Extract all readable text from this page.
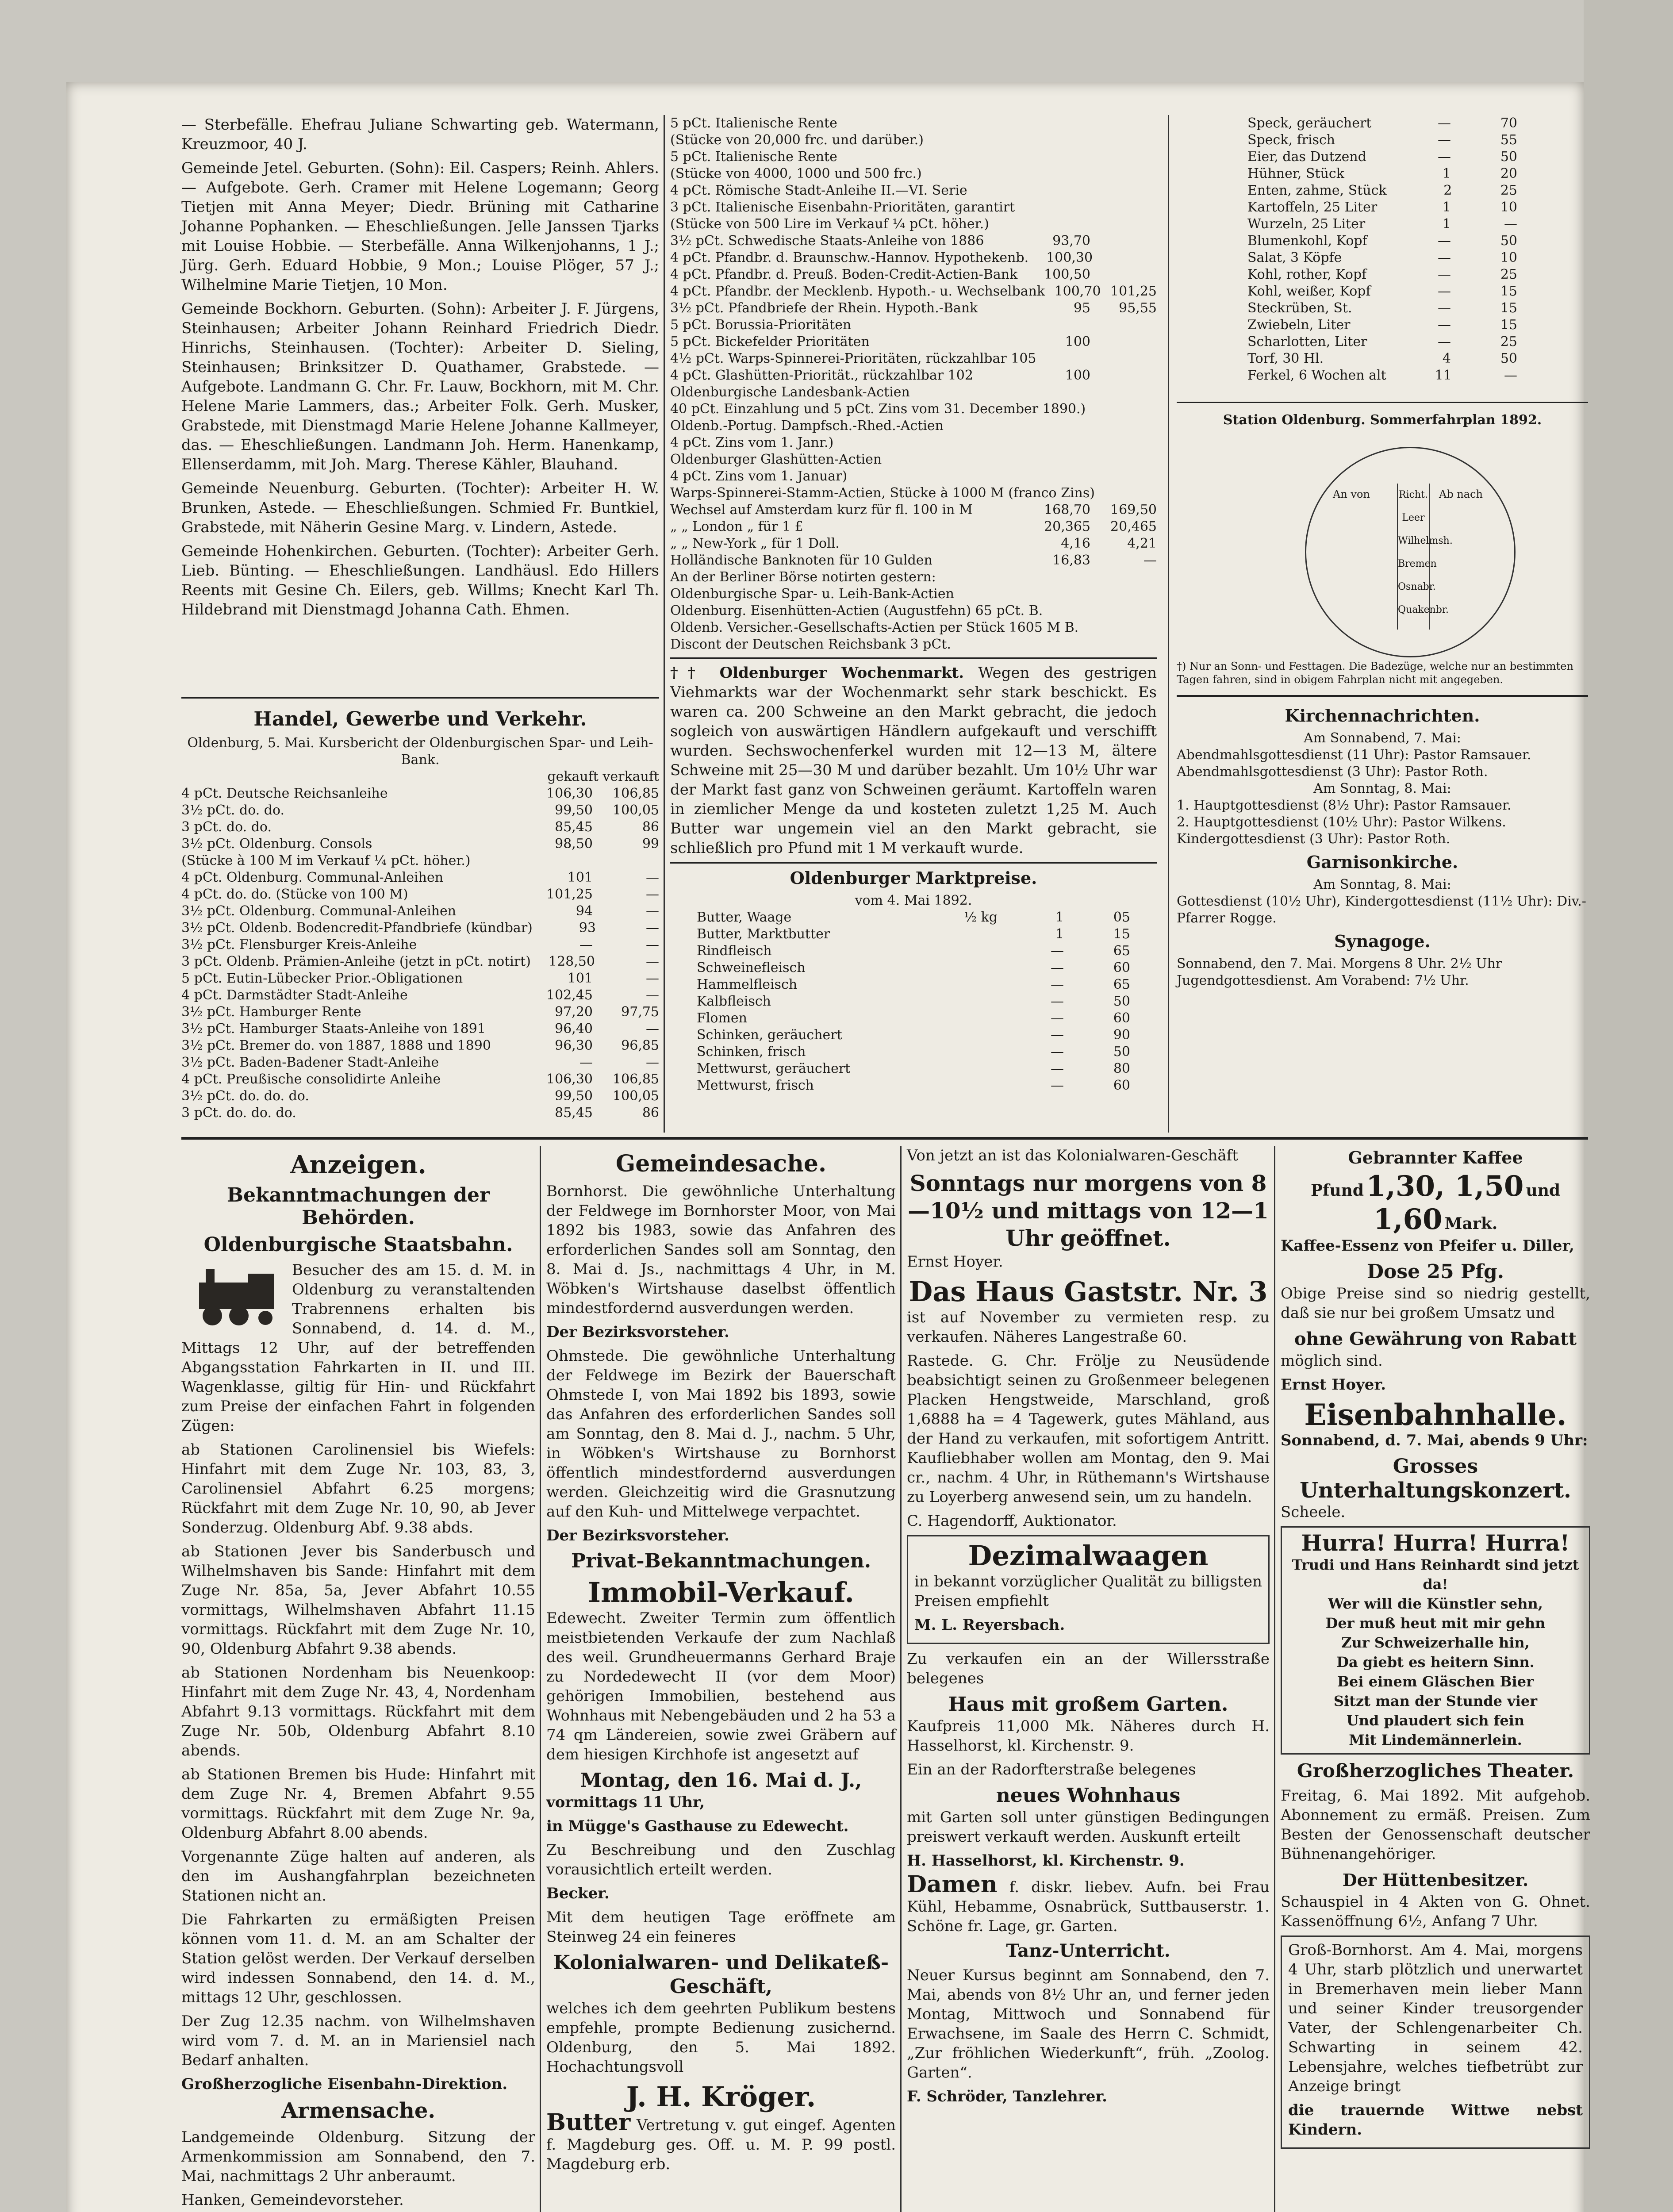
— Sterbefälle. Ehefrau Juliane Schwarting geb. Watermann, Kreuzmoor, 40 J.

Gemeinde Jetel. Geburten. (Sohn): Eil. Caspers; Reinh. Ahlers. — Aufgebote. Gerh. Cramer mit Helene Logemann; Georg Tietjen mit Anna Meyer; Diedr. Brüning mit Catharine Johanne Pophanken. — Eheschließungen. Jelle Janssen Tjarks mit Louise Hobbie. — Sterbefälle. Anna Wilkenjohanns, 1 J.; Jürg. Gerh. Eduard Hobbie, 9 Mon.; Louise Plöger, 57 J.; Wilhelmine Marie Tietjen, 10 Mon.

Gemeinde Bockhorn. Geburten. (Sohn): Arbeiter J. F. Jürgens, Steinhausen; Arbeiter Johann Reinhard Friedrich Diedr. Hinrichs, Steinhausen. (Tochter): Arbeiter D. Sieling, Steinhausen; Brinksitzer D. Quathamer, Grabstede. — Aufgebote. Landmann G. Chr. Fr. Lauw, Bockhorn, mit M. Chr. Helene Marie Lammers, das.; Arbeiter Folk. Gerh. Musker, Grabstede, mit Dienstmagd Marie Helene Johanne Kallmeyer, das. — Eheschließungen. Landmann Joh. Herm. Hanenkamp, Ellenserdamm, mit Joh. Marg. Therese Kähler, Blauhand.

Gemeinde Neuenburg. Geburten. (Tochter): Arbeiter H. W. Brunken, Astede. — Eheschließungen. Schmied Fr. Buntkiel, Grabstede, mit Näherin Gesine Marg. v. Lindern, Astede.

Gemeinde Hohenkirchen. Geburten. (Tochter): Arbeiter Gerh. Lieb. Bünting. — Eheschließungen. Landhäusl. Edo Hillers Reents mit Gesine Ch. Eilers, geb. Willms; Knecht Karl Th. Hildebrand mit Dienstmagd Johanna Cath. Ehmen.

Handel, Gewerbe und Verkehr.
Oldenburg, 5. Mai. Kursbericht der Oldenburgischen Spar- und Leih-Bank.
gekauft verkauft
4 pCt. Deutsche Reichsanleihe	106,30	106,85
3½ pCt. do. do.	99,50	100,05
3 pCt. do. do.	85,45	86
3½ pCt. Oldenburg. Consols	98,50	99
(Stücke à 100 M im Verkauf ¼ pCt. höher.)
4 pCt. Oldenburg. Communal-Anleihen	101	—
4 pCt. do. do. (Stücke von 100 M)	101,25	—
3½ pCt. Oldenburg. Communal-Anleihen	94	—
3½ pCt. Oldenb. Bodencredit-Pfandbriefe (kündbar)	93	—
3½ pCt. Flensburger Kreis-Anleihe	—	—
3 pCt. Oldenb. Prämien-Anleihe (jetzt in pCt. notirt)	128,50	—
5 pCt. Eutin-Lübecker Prior.-Obligationen	101	—
4 pCt. Darmstädter Stadt-Anleihe	102,45	—
3½ pCt. Hamburger Rente	97,20	97,75
3½ pCt. Hamburger Staats-Anleihe von 1891	96,40	—
3½ pCt. Bremer do. von 1887, 1888 und 1890	96,30	96,85
3½ pCt. Baden-Badener Stadt-Anleihe	—	—
4 pCt. Preußische consolidirte Anleihe	106,30	106,85
3½ pCt. do. do. do.	99,50	100,05
3 pCt. do. do. do.	85,45	86
5 pCt. Italienische Rente
(Stücke von 20,000 frc. und darüber.)
5 pCt. Italienische Rente
(Stücke von 4000, 1000 und 500 frc.)
4 pCt. Römische Stadt-Anleihe II.—VI. Serie
3 pCt. Italienische Eisenbahn-Prioritäten, garantirt
(Stücke von 500 Lire im Verkauf ¼ pCt. höher.)
3½ pCt. Schwedische Staats-Anleihe von 1886	93,70
4 pCt. Pfandbr. d. Braunschw.-Hannov. Hypothekenb.	100,30
4 pCt. Pfandbr. d. Preuß. Boden-Credit-Actien-Bank	100,50
4 pCt. Pfandbr. der Mecklenb. Hypoth.- u. Wechselbank 100,70 101,25
3½ pCt. Pfandbriefe der Rhein. Hypoth.-Bank	95	95,55
5 pCt. Borussia-Prioritäten
5 pCt. Bickefelder Prioritäten	100
4½ pCt. Warps-Spinnerei-Prioritäten, rückzahlbar 105
4 pCt. Glashütten-Priorität., rückzahlbar 102	100
Oldenburgische Landesbank-Actien
40 pCt. Einzahlung und 5 pCt. Zins vom 31. December 1890.)
Oldenb.-Portug. Dampfsch.-Rhed.-Actien
4 pCt. Zins vom 1. Janr.)
Oldenburger Glashütten-Actien
4 pCt. Zins vom 1. Januar)
Warps-Spinnerei-Stamm-Actien, Stücke à 1000 M (franco Zins)
Wechsel auf Amsterdam kurz für fl. 100 in M	168,70	169,50
„ „ London „ für 1 £	20,365	20,465
„ „ New-York „ für 1 Doll.	4,16	4,21
Holländische Banknoten für 10 Gulden	16,83	—
An der Berliner Börse notirten gestern:
Oldenburgische Spar- u. Leih-Bank-Actien
Oldenburg. Eisenhütten-Actien (Augustfehn) 65 pCt. B.
Oldenb. Versicher.-Gesellschafts-Actien per Stück 1605 M B.
Discont der Deutschen Reichsbank 3 pCt.

†† Oldenburger Wochenmarkt. Wegen des gestrigen Viehmarkts war der Wochenmarkt sehr stark beschickt. Es waren ca. 200 Schweine an den Markt gebracht, die jedoch sogleich von auswärtigen Händlern aufgekauft und verschifft wurden. Sechswochenferkel wurden mit 12—13 M, ältere Schweine mit 25—30 M und darüber bezahlt. Um 10½ Uhr war der Markt fast ganz von Schweinen geräumt. Kartoffeln waren in ziemlicher Menge da und kosteten zuletzt 1,25 M. Auch Butter war ungemein viel an den Markt gebracht, sie schließlich pro Pfund mit 1 M verkauft wurde.

Oldenburger Marktpreise.
vom 4. Mai 1892.
Butter, Waage	½ kg	1	05
Butter, Marktbutter	1	15
Rindfleisch	—	65
Schweinefleisch	—	60
Hammelfleisch	—	65
Kalbfleisch	—	50
Flomen	—	60
Schinken, geräuchert	—	90
Schinken, frisch	—	50
Mettwurst, geräuchert	—	80
Mettwurst, frisch	—	60
Speck, geräuchert	—	70
Speck, frisch	—	55
Eier, das Dutzend	—	50
Hühner, Stück	1	20
Enten, zahme, Stück	2	25
Kartoffeln, 25 Liter	1	10
Wurzeln, 25 Liter	1	—
Blumenkohl, Kopf	—	50
Salat, 3 Köpfe	—	10
Kohl, rother, Kopf	—	25
Kohl, weißer, Kopf	—	15
Steckrüben, St.	—	15
Zwiebeln, Liter	—	15
Scharlotten, Liter	—	25
Torf, 30 Hl.	4	50
Ferkel, 6 Wochen alt	11	—
Station Oldenburg. Sommerfahrplan 1892.
†) Nur an Sonn- und Festtagen. Die Badezüge, welche nur an bestimmten Tagen fahren, sind in obigem Fahrplan nicht mit angegeben.
Kirchennachrichten.
Am Sonnabend, 7. Mai:
Abendmahlsgottesdienst (11 Uhr): Pastor Ramsauer.
Abendmahlsgottesdienst (3 Uhr): Pastor Roth.
Am Sonntag, 8. Mai:
1. Hauptgottesdienst (8½ Uhr): Pastor Ramsauer.
2. Hauptgottesdienst (10½ Uhr): Pastor Wilkens.
Kindergottesdienst (3 Uhr): Pastor Roth.
Garnisonkirche.
Am Sonntag, 8. Mai:
Gottesdienst (10½ Uhr), Kindergottesdienst (11½ Uhr): Div.-Pfarrer Rogge.
Synagoge.
Sonnabend, den 7. Mai. Morgens 8 Uhr. 2½ Uhr Jugendgottesdienst. Am Vorabend: 7½ Uhr.
An von	Ab nach
Richt.
Leer
Wilhelmsh.
Bremen
Osnabr.
Quakenbr.
Anzeigen.
Bekanntmachungen der Behörden.
Oldenburgische Staatsbahn.

Besucher des am 15. d. M. in Oldenburg zu veranstaltenden Trabrennens erhalten bis Sonnabend, d. 14. d. M., Mittags 12 Uhr, auf der betreffenden Abgangsstation Fahrkarten in II. und III. Wagenklasse, giltig für Hin- und Rückfahrt zum Preise der einfachen Fahrt in folgenden Zügen:

ab Stationen Carolinensiel bis Wiefels: Hinfahrt mit dem Zuge Nr. 103, 83, 3, Carolinensiel Abfahrt 6.25 morgens; Rückfahrt mit dem Zuge Nr. 10, 90, ab Jever Sonderzug. Oldenburg Abf. 9.38 abds.

ab Stationen Jever bis Sanderbusch und Wilhelmshaven bis Sande: Hinfahrt mit dem Zuge Nr. 85a, 5a, Jever Abfahrt 10.55 vormittags, Wilhelmshaven Abfahrt 11.15 vormittags. Rückfahrt mit dem Zuge Nr. 10, 90, Oldenburg Abfahrt 9.38 abends.

ab Stationen Nordenham bis Neuenkoop: Hinfahrt mit dem Zuge Nr. 43, 4, Nordenham Abfahrt 9.13 vormittags. Rückfahrt mit dem Zuge Nr. 50b, Oldenburg Abfahrt 8.10 abends.

ab Stationen Bremen bis Hude: Hinfahrt mit dem Zuge Nr. 4, Bremen Abfahrt 9.55 vormittags. Rückfahrt mit dem Zuge Nr. 9a, Oldenburg Abfahrt 8.00 abends.

Vorgenannte Züge halten auf anderen, als den im Aushangfahrplan bezeichneten Stationen nicht an.

Die Fahrkarten zu ermäßigten Preisen können vom 11. d. M. an am Schalter der Station gelöst werden. Der Verkauf derselben wird indessen Sonnabend, den 14. d. M., mittags 12 Uhr, geschlossen.

Der Zug 12.35 nachm. von Wilhelmshaven wird vom 7. d. M. an in Mariensiel nach Bedarf anhalten.

Großherzogliche Eisenbahn-Direktion.

Armensache.

Landgemeinde Oldenburg. Sitzung der Armenkommission am Sonnabend, den 7. Mai, nachmittags 2 Uhr anberaumt.

Hanken, Gemeindevorsteher.

Gemeindesache.

Bornhorst. Die gewöhnliche Unterhaltung der Feldwege im Bornhorster Moor, von Mai 1892 bis 1983, sowie das Anfahren des erforderlichen Sandes soll am Sonntag, den 8. Mai d. Js., nachmittags 4 Uhr, in M. Wöbken's Wirtshause daselbst öffentlich mindestfordernd ausverdungen werden.

Der Bezirksvorsteher.

Ohmstede. Die gewöhnliche Unterhaltung der Feldwege im Bezirk der Bauerschaft Ohmstede I, von Mai 1892 bis 1893, sowie das Anfahren des erforderlichen Sandes soll am Sonntag, den 8. Mai d. J., nachm. 5 Uhr, in Wöbken's Wirtshause zu Bornhorst öffentlich mindestfordernd ausverdungen werden. Gleichzeitig wird die Grasnutzung auf den Kuh- und Mittelwege verpachtet.

Der Bezirksvorsteher.

Privat-Bekanntmachungen.
Immobil-Verkauf.

Edewecht. Zweiter Termin zum öffentlich meistbietenden Verkaufe der zum Nachlaß des weil. Grundheuermanns Gerhard Braje zu Nordedewecht II (vor dem Moor) gehörigen Immobilien, bestehend aus Wohnhaus mit Nebengebäuden und 2 ha 53 a 74 qm Ländereien, sowie zwei Gräbern auf dem hiesigen Kirchhofe ist angesetzt auf

Montag, den 16. Mai d. J.,

vormittags 11 Uhr,

in Mügge's Gasthause zu Edewecht.

Zu Beschreibung und den Zuschlag vorausichtlich erteilt werden.

Becker.

Mit dem heutigen Tage eröffnete am Steinweg 24 ein feineres

Kolonialwaren- und Delikateß-Geschäft,

welches ich dem geehrten Publikum bestens empfehle, prompte Bedienung zusichernd. Oldenburg, den 5. Mai 1892. Hochachtungsvoll

J. H. Kröger.

Butter Vertretung v. gut eingef. Agenten f. Magdeburg ges. Off. u. M. P. 99 postl. Magdeburg erb.

Von jetzt an ist das Kolonialwaren-Geschäft

Sonntags nur morgens von 8—10½ und mittags von 12—1 Uhr geöffnet.

Ernst Hoyer.

Das Haus Gaststr. Nr. 3

ist auf November zu vermieten resp. zu verkaufen. Näheres Langestraße 60.

Rastede. G. Chr. Frölje zu Neusüdende beabsichtigt seinen zu Großenmeer belegenen Placken Hengstweide, Marschland, groß 1,6888 ha = 4 Tagewerk, gutes Mähland, aus der Hand zu verkaufen, mit sofortigem Antritt. Kaufliebhaber wollen am Montag, den 9. Mai cr., nachm. 4 Uhr, in Rüthemann's Wirtshause zu Loyerberg anwesend sein, um zu handeln.

C. Hagendorff, Auktionator.

Dezimalwaagen

in bekannt vorzüglicher Qualität zu billigsten Preisen empfiehlt

M. L. Reyersbach.

Zu verkaufen ein an der Willersstraße belegenes

Haus mit großem Garten.

Kaufpreis 11,000 Mk. Näheres durch H. Hasselhorst, kl. Kirchenstr. 9.

Ein an der Radorfterstraße belegenes

neues Wohnhaus

mit Garten soll unter günstigen Bedingungen preiswert verkauft werden. Auskunft erteilt

H. Hasselhorst, kl. Kirchenstr. 9.

Damen f. diskr. liebev. Aufn. bei Frau Kühl, Hebamme, Osnabrück, Suttbauserstr. 1. Schöne fr. Lage, gr. Garten.

Tanz-Unterricht.

Neuer Kursus beginnt am Sonnabend, den 7. Mai, abends von 8½ Uhr an, und ferner jeden Montag, Mittwoch und Sonnabend für Erwachsene, im Saale des Herrn C. Schmidt, „Zur fröhlichen Wiederkunft“, früh. „Zoolog. Garten“.

F. Schröder, Tanzlehrer.

Gebrannter Kaffee
Pfund 1,30, 1,50 und
1,60 Mark.

Kaffee-Essenz von Pfeifer u. Diller,

Dose 25 Pfg.

Obige Preise sind so niedrig gestellt, daß sie nur bei großem Umsatz und

ohne Gewährung von Rabatt

möglich sind.

Ernst Hoyer.

Eisenbahnhalle.

Sonnabend, d. 7. Mai, abends 9 Uhr:

Grosses
Unterhaltungskonzert.

Scheele.

Hurra! Hurra! Hurra!
Trudi und Hans Reinhardt sind jetzt da!
Wer will die Künstler sehn,
Der muß heut mit mir gehn
Zur Schweizerhalle hin,
Da giebt es heitern Sinn.
Bei einem Gläschen Bier
Sitzt man der Stunde vier
Und plaudert sich fein
Mit Lindemännerlein.
Großherzogliches Theater.

Freitag, 6. Mai 1892. Mit aufgehob. Abonnement zu ermäß. Preisen. Zum Besten der Genossenschaft deutscher Bühnenangehöriger.

Der Hüttenbesitzer.

Schauspiel in 4 Akten von G. Ohnet. Kassenöffnung 6½, Anfang 7 Uhr.

Groß-Bornhorst. Am 4. Mai, morgens 4 Uhr, starb plötzlich und unerwartet in Bremerhaven mein lieber Mann und seiner Kinder treusorgender Vater, der Schlengenarbeiter Ch. Schwarting in seinem 42. Lebensjahre, welches tiefbetrübt zur Anzeige bringt

die trauernde Wittwe nebst Kindern.
